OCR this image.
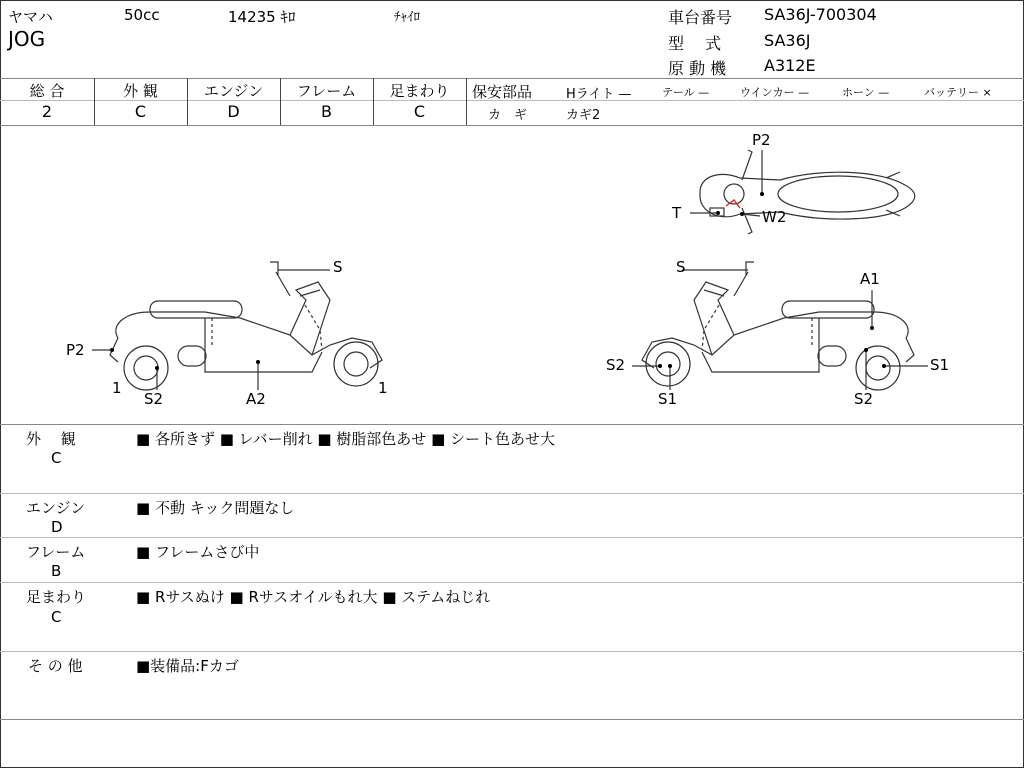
ヤマハ	50cc	14235 ｷﾛ	ﾁｬｲﾛ
JOG
車台番号 SA36J-700304
型　 式	SA36J
原 動 機 A312E
総 合
2
外 観
C
エンジン
D
フレーム
B
足まわり
C
保安部品	Hライト —	テール —	ウインカー —	ホーン —	バッテリー ×
カ　ギ	カギ2
S
P2
1	1
S2	A2
S
A1
S2	S1
S1	S2
P2
T	W2
外　 観
C
■ 各所きず ■ レバー削れ ■ 樹脂部色あせ ■ シート色あせ大
エンジン
D
■ 不動 キック問題なし
フレーム
B
■ フレームさび中
足まわり
C
■ Rサスぬけ ■ Rサスオイルもれ大 ■ ステムねじれ
そ の 他	■装備品:Fカゴ
